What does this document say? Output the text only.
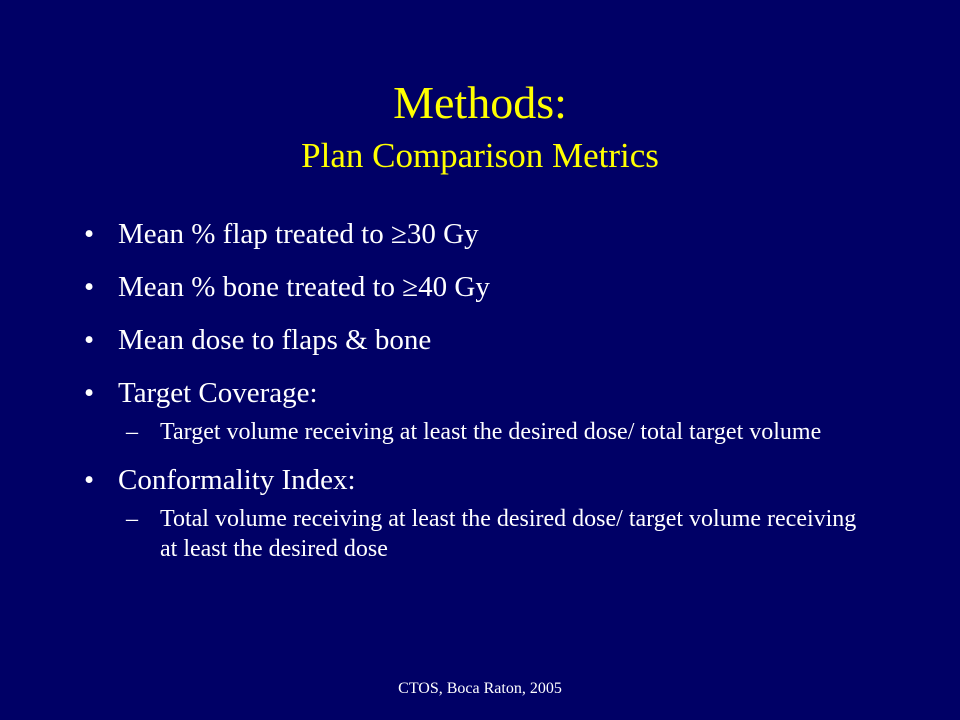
Methods:
Plan Comparison Metrics
• Mean % flap treated to ≥30 Gy
• Mean % bone treated to ≥40 Gy
• Mean dose to flaps & bone
• Target Coverage:
– Target volume receiving at least the desired dose/ total target volume
• Conformality Index:
– Total volume receiving at least the desired dose/ target volume receiving at least the desired dose
CTOS, Boca Raton, 2005
